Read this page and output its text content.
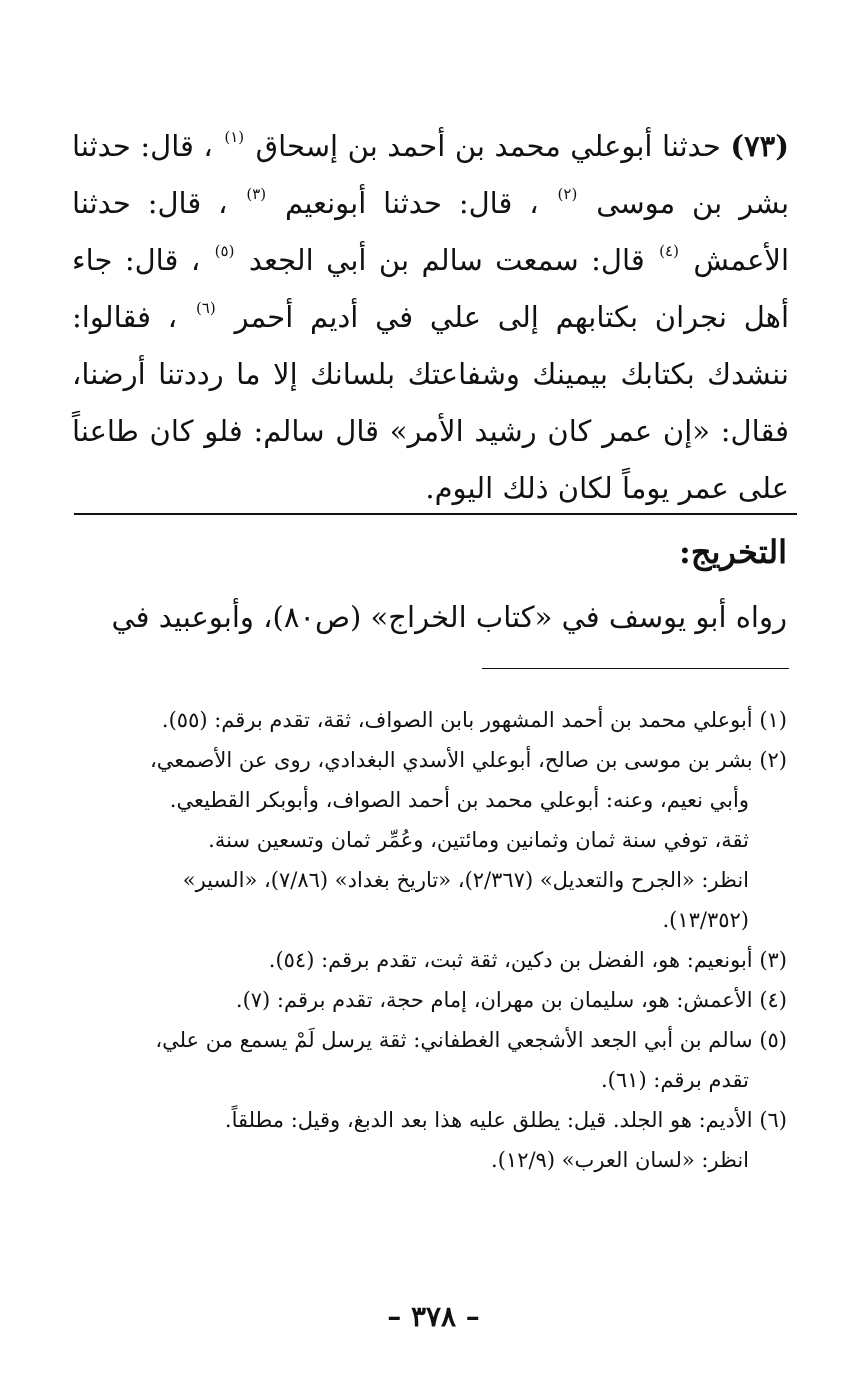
(٧٣) حدثنا أبوعلي محمد بن أحمد بن إسحاق $^{(١)}$ ، قال: حدثنا بشر بن موسى $^{(٢)}$ ، قال: حدثنا أبونعيم $^{(٣)}$ ، قال: حدثنا الأعمش $^{(٤)}$ قال: سمعت سالم بن أبي الجعد $^{(٥)}$ ، قال: جاء أهل نجران بكتابهم إلى علي في أديم أحمر $^{(٦)}$ ، فقالوا: ننشدك بكتابك بيمينك وشفاعتك بلسانك إلا ما رددتنا أرضنا، فقال: «إن عمر كان رشيد الأمر» قال سالم: فلو كان طاعناً على عمر يوماً لكان ذلك اليوم.
التخريج:
رواه أبو يوسف في «كتاب الخراج» (ص٨٠)، وأبوعبيد في

(١) أبوعلي محمد بن أحمد المشهور بابن الصواف، ثقة، تقدم برقم: (٥٥).

(٢) بشر بن موسى بن صالح، أبوعلي الأسدي البغدادي، روى عن الأصمعي،

وأبي نعيم، وعنه: أبوعلي محمد بن أحمد الصواف، وأبوبكر القطيعي.

ثقة، توفي سنة ثمان وثمانين ومائتين، وعُمِّر ثمان وتسعين سنة.

انظر: «الجرح والتعديل» (٢/٣٦٧)، «تاريخ بغداد» (٧/٨٦)، «السير»

(١٣/٣٥٢).

(٣) أبونعيم: هو، الفضل بن دكين، ثقة ثبت، تقدم برقم: (٥٤).

(٤) الأعمش: هو، سليمان بن مهران، إمام حجة، تقدم برقم: (٧).

(٥) سالم بن أبي الجعد الأشجعي الغطفاني: ثقة يرسل لَمْ يسمع من علي،

تقدم برقم: (٦١).

(٦) الأديم: هو الجلد. قيل: يطلق عليه هذا بعد الدبغ، وقيل: مطلقاً.

انظر: «لسان العرب» (١٢/٩).

– ٣٧٨ –
